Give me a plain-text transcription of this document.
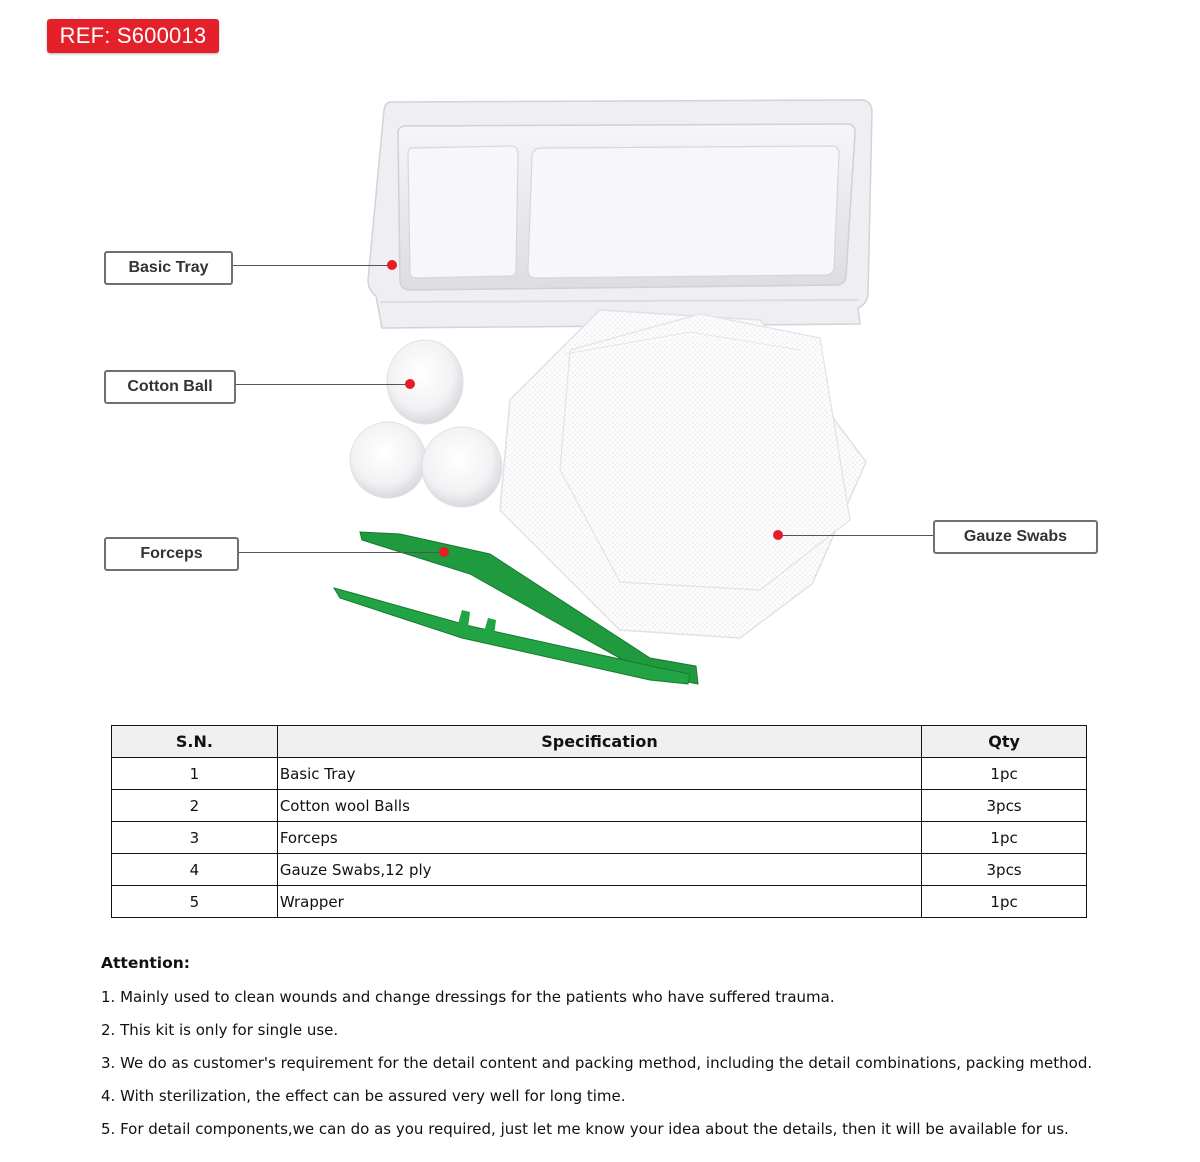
REF: S600013
Basic Tray
Cotton Ball
Forceps
Gauze Swabs
S.N.	Specification	Qty
1	Basic Tray	1pc
2	Cotton wool Balls	3pcs
3	Forceps	1pc
4	Gauze Swabs,12 ply	3pcs
5	Wrapper	1pc
Attention:

1. Mainly used to clean wounds and change dressings for the patients who have suffered trauma.

2. This kit is only for single use.

3. We do as customer's requirement for the detail content and packing method, including the detail combinations, packing method.

4. With sterilization, the effect can be assured very well for long time.

5. For detail components,we can do as you required, just let me know your idea about the details, then it will be available for us.
